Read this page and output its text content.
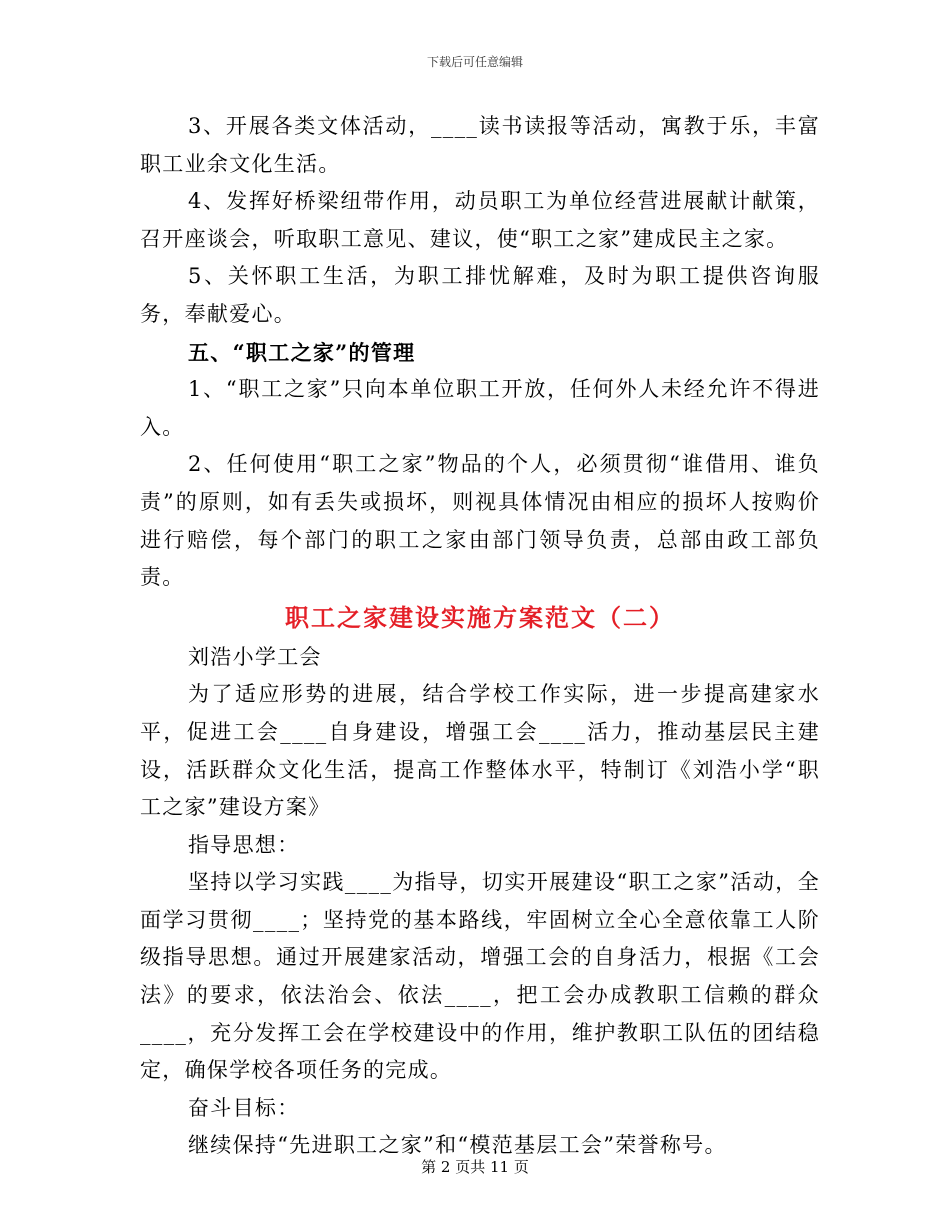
下载后可任意编辑

3、开展各类文体活动，____读书读报等活动，寓教于乐，丰富职工业余文化生活。

4、发挥好桥梁纽带作用，动员职工为单位经营进展献计献策，召开座谈会，听取职工意见、建议，使“职工之家”建成民主之家。

5、关怀职工生活，为职工排忧解难，及时为职工提供咨询服务，奉献爱心。

五、“职工之家”的管理

1、“职工之家”只向本单位职工开放，任何外人未经允许不得进入。

2、任何使用“职工之家”物品的个人，必须贯彻“谁借用、谁负责”的原则，如有丢失或损坏，则视具体情况由相应的损坏人按购价进行赔偿，每个部门的职工之家由部门领导负责，总部由政工部负责。

职工之家建设实施方案范文（二）

刘浩小学工会

为了适应形势的进展，结合学校工作实际，进一步提高建家水平，促进工会____自身建设，增强工会____活力，推动基层民主建设，活跃群众文化生活，提高工作整体水平，特制订《刘浩小学“职工之家”建设方案》

指导思想：

坚持以学习实践____为指导，切实开展建设“职工之家”活动，全面学习贯彻____；坚持党的基本路线，牢固树立全心全意依靠工人阶级指导思想。通过开展建家活动，增强工会的自身活力，根据《工会法》的要求，依法治会、依法____，把工会办成教职工信赖的群众____，充分发挥工会在学校建设中的作用，维护教职工队伍的团结稳定，确保学校各项任务的完成。

奋斗目标：

继续保持“先进职工之家”和“模范基层工会”荣誉称号。

第 2 页共 11 页
